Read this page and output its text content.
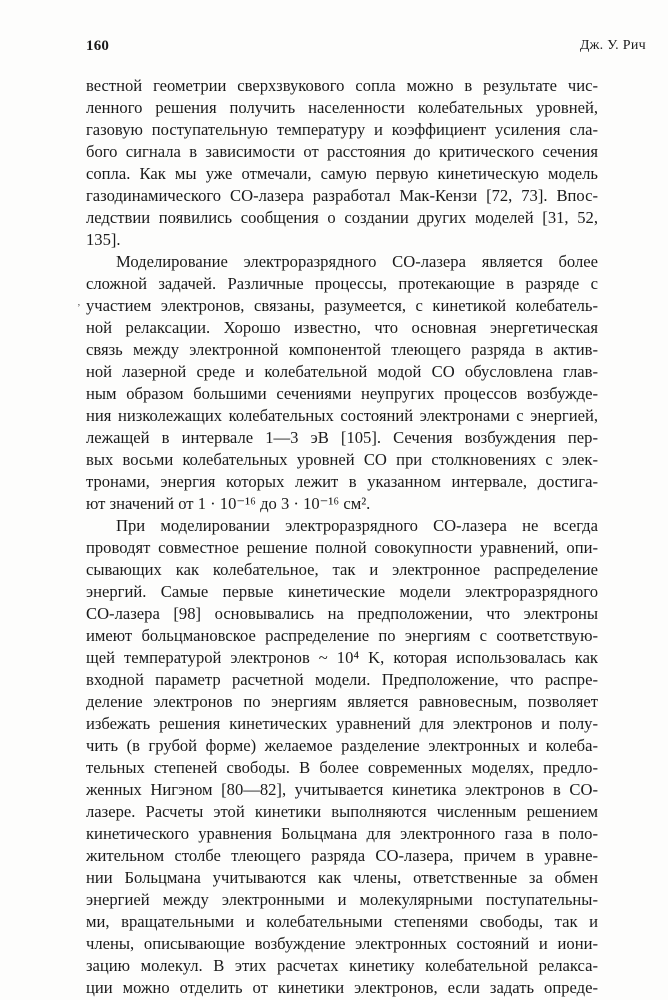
160	Дж. У. Рич
‚
вестной геометрии сверхзвукового сопла можно в результате чис-
ленного решения получить населенности колебательных уровней,
газовую поступательную температуру и коэффициент усиления сла-
бого сигнала в зависимости от расстояния до критического сечения
сопла. Как мы уже отмечали, самую первую кинетическую модель
газодинамического CO-лазера разработал Мак-Кензи [72, 73]. Впос-
ледствии появились сообщения о создании других моделей [31, 52,
135].
Моделирование электроразрядного CO-лазера является более
сложной задачей. Различные процессы, протекающие в разряде с
участием электронов, связаны, разумеется, с кинетикой колебатель-
ной релаксации. Хорошо известно, что основная энергетическая
связь между электронной компонентой тлеющего разряда в актив-
ной лазерной среде и колебательной модой CO обусловлена глав-
ным образом большими сечениями неупругих процессов возбужде-
ния низколежащих колебательных состояний электронами с энергией,
лежащей в интервале 1—3 эВ [105]. Сечения возбуждения пер-
вых восьми колебательных уровней CO при столкновениях с элек-
тронами, энергия которых лежит в указанном интервале, достига-
ют значений от 1 · 10⁻¹⁶ до 3 · 10⁻¹⁶ см².
При моделировании электроразрядного CO-лазера не всегда
проводят совместное решение полной совокупности уравнений, опи-
сывающих как колебательное, так и электронное распределение
энергий. Самые первые кинетические модели электроразрядного
CO-лазера [98] основывались на предположении, что электроны
имеют больцмановское распределение по энергиям с соответствую-
щей температурой электронов ~ 10⁴ K, которая использовалась как
входной параметр расчетной модели. Предположение, что распре-
деление электронов по энергиям является равновесным, позволяет
избежать решения кинетических уравнений для электронов и полу-
чить (в грубой форме) желаемое разделение электронных и колеба-
тельных степеней свободы. В более современных моделях, предло-
женных Нигэном [80—82], учитывается кинетика электронов в CO-
лазере. Расчеты этой кинетики выполняются численным решением
кинетического уравнения Больцмана для электронного газа в поло-
жительном столбе тлеющего разряда CO-лазера, причем в уравне-
нии Больцмана учитываются как члены, ответственные за обмен
энергией между электронными и молекулярными поступательны-
ми, вращательными и колебательными степенями свободы, так и
члены, описывающие возбуждение электронных состояний и иони-
зацию молекул. В этих расчетах кинетику колебательной релакса-
ции можно отделить от кинетики электронов, если задать опреде-
